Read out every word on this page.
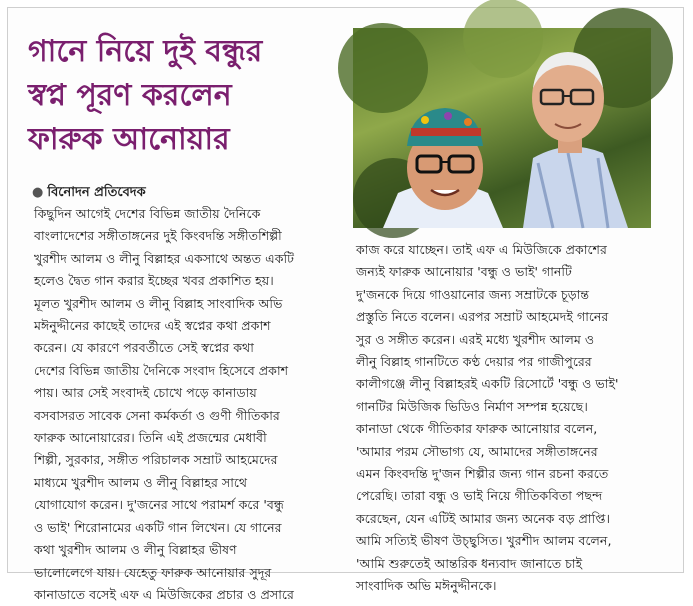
গানে নিয়ে দুই বন্ধুর
স্বপ্ন পূরণ করলেন
ফারুক আনোয়ার
● বিনোদন প্রতিবেদক
কিছুদিন আগেই দেশের বিভিন্ন জাতীয় দৈনিকে
বাংলাদেশের সঙ্গীতাঙ্গনের দুই কিংবদন্তি সঙ্গীতশিল্পী
খুরশীদ আলম ও লীনু বিল্লাহর একসাথে অন্তত একটি
হলেও দ্বৈত গান করার ইচ্ছের খবর প্রকাশিত হয়।
মূলত খুরশীদ আলম ও লীনু বিল্লাহ সাংবাদিক অভি
মঈনুদ্দীনের কাছেই তাদের এই স্বপ্নের কথা প্রকাশ
করেন। যে কারণে পরবর্তীতে সেই স্বপ্নের কথা
দেশের বিভিন্ন জাতীয় দৈনিকে সংবাদ হিসেবে প্রকাশ
পায়। আর সেই সংবাদই চোখে পড়ে কানাডায়
বসবাসরত সাবেক সেনা কর্মকর্তা ও গুণী গীতিকার
ফারুক আনোয়ারের। তিনি এই প্রজন্মের মেধাবী
শিল্পী, সুরকার, সঙ্গীত পরিচালক সম্রাট আহমেদের
মাধ্যমে খুরশীদ আলম ও লীনু বিল্লাহর সাথে
যোগাযোগ করেন। দু'জনের সাথে পরামর্শ করে 'বন্ধু
ও ভাই' শিরোনামের একটি গান লিখেন। যে গানের
কথা খুরশীদ আলম ও লীনু বিল্লাহর ভীষণ
ভালোলেগে যায়। যেহেতু ফারুক আনোয়ার সুদূর
কানাডাতে বসেই এফ এ মিউজিকের প্রচার ও প্রসারে
কাজ করে যাচ্ছেন। তাই এফ এ মিউজিকে প্রকাশের
জন্যই ফারুক আনোয়ার 'বন্ধু ও ভাই' গানটি
দু'জনকে দিয়ে গাওয়ানোর জন্য সম্রাটকে চূড়ান্ত
প্রস্তুতি নিতে বলেন। এরপর সম্রাট আহমেদই গানের
সুর ও সঙ্গীত করেন। এরই মধ্যে খুরশীদ আলম ও
লীনু বিল্লাহ গানটিতে কণ্ঠ দেয়ার পর গাজীপুরের
কালীগঞ্জে লীনু বিল্লাহরই একটি রিসোর্টে 'বন্ধু ও ভাই'
গানটির মিউজিক ভিডিও নির্মাণ সম্পন্ন হয়েছে।
কানাডা থেকে গীতিকার ফারুক আনোয়ার বলেন,
'আমার পরম সৌভাগ্য যে, আমাদের সঙ্গীতাঙ্গনের
এমন কিংবদন্তি দু'জন শিল্পীর জন্য গান রচনা করতে
পেরেছি। তারা বন্ধু ও ভাই নিয়ে গীতিকবিতা পছন্দ
করেছেন, যেন এটিই আমার জন্য অনেক বড় প্রাপ্তি।
আমি সত্যিই ভীষণ উচ্ছ্বসিত। খুরশীদ আলম বলেন,
'আমি শুরুতেই আন্তরিক ধন্যবাদ জানাতে চাই
সাংবাদিক অভি মঈনুদ্দীনকে।
